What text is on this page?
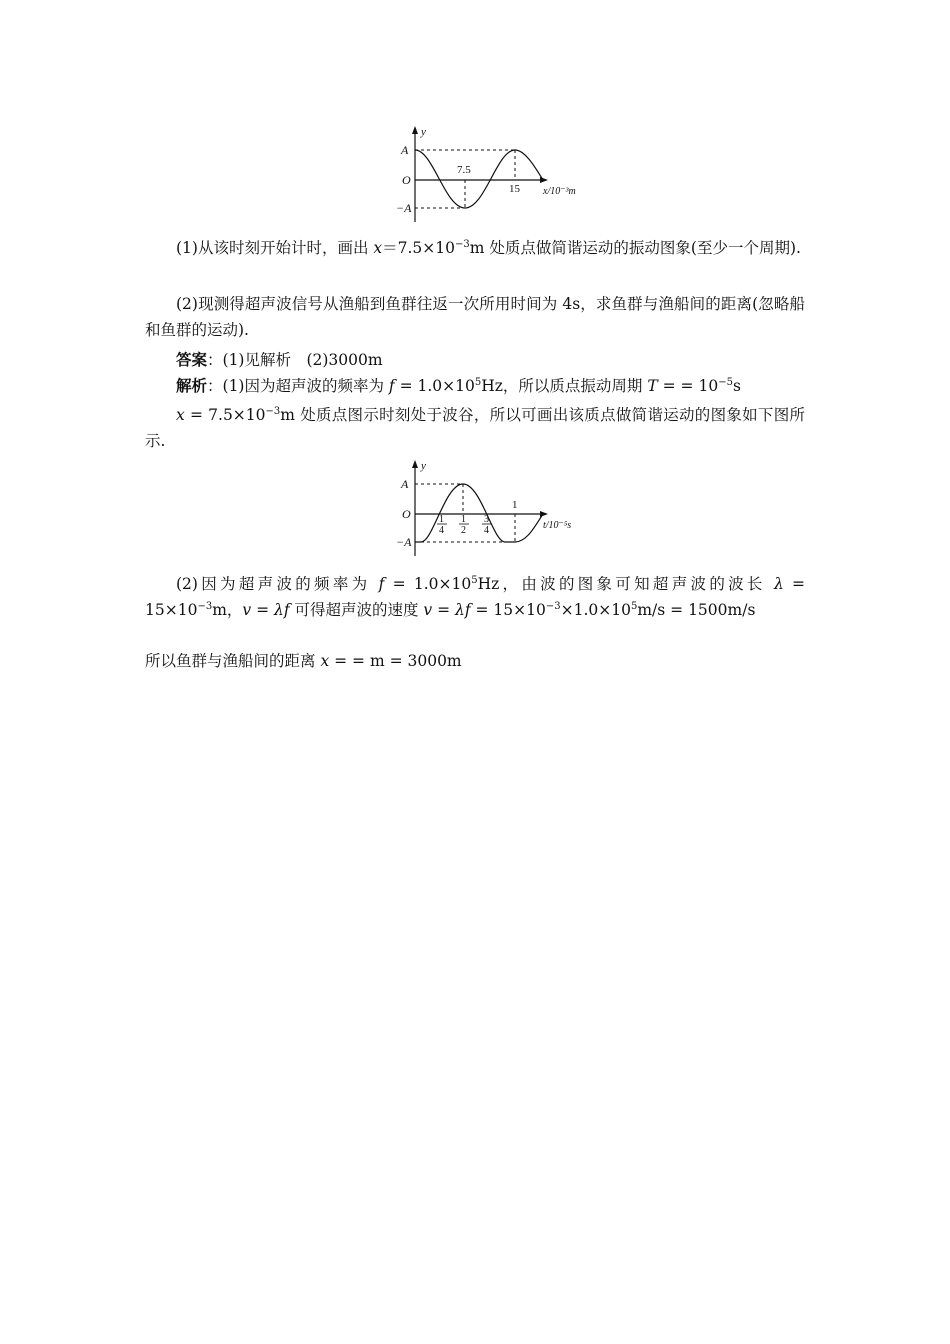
y
A
O
−A
7.5
15 x/10⁻³m
(1)从该时刻开始计时，画出 $x=7.5\times 10^{-3}m$ 处质点做简谐运动的振动图象(至少一个周期).
(2)现测得超声波信号从渔船到鱼群往返一次所用时间为 4s，求鱼群与渔船间的距离(忽略船和鱼群的运动).
答案：(1)见解析　(2)3000m
解析：(1)因为超声波的频率为 $f = 1.0\times 10^5Hz$，所以质点振动周期 T = = $10^{-5}s$
$x = 7.5\times 10^{-3}m$ 处质点图示时刻处于波谷，所以可画出该质点做简谐运动的图象如下图所示.
y
A
O
−A
1
1
4
1
2
3
4	t/10⁻⁵s
(2)因为超声波的频率为 $f = 1.0\times 10^5Hz$，由波的图象可知超声波的波长 $\lambda = 15\times 10^{-3}m$，v = λf 可得超声波的速度 $v = \lambda f = 15\times 10^{-3}\times 1.0\times 10^5m/s = 1500m/s$
所以鱼群与渔船间的距离 x = = m = 3000m
